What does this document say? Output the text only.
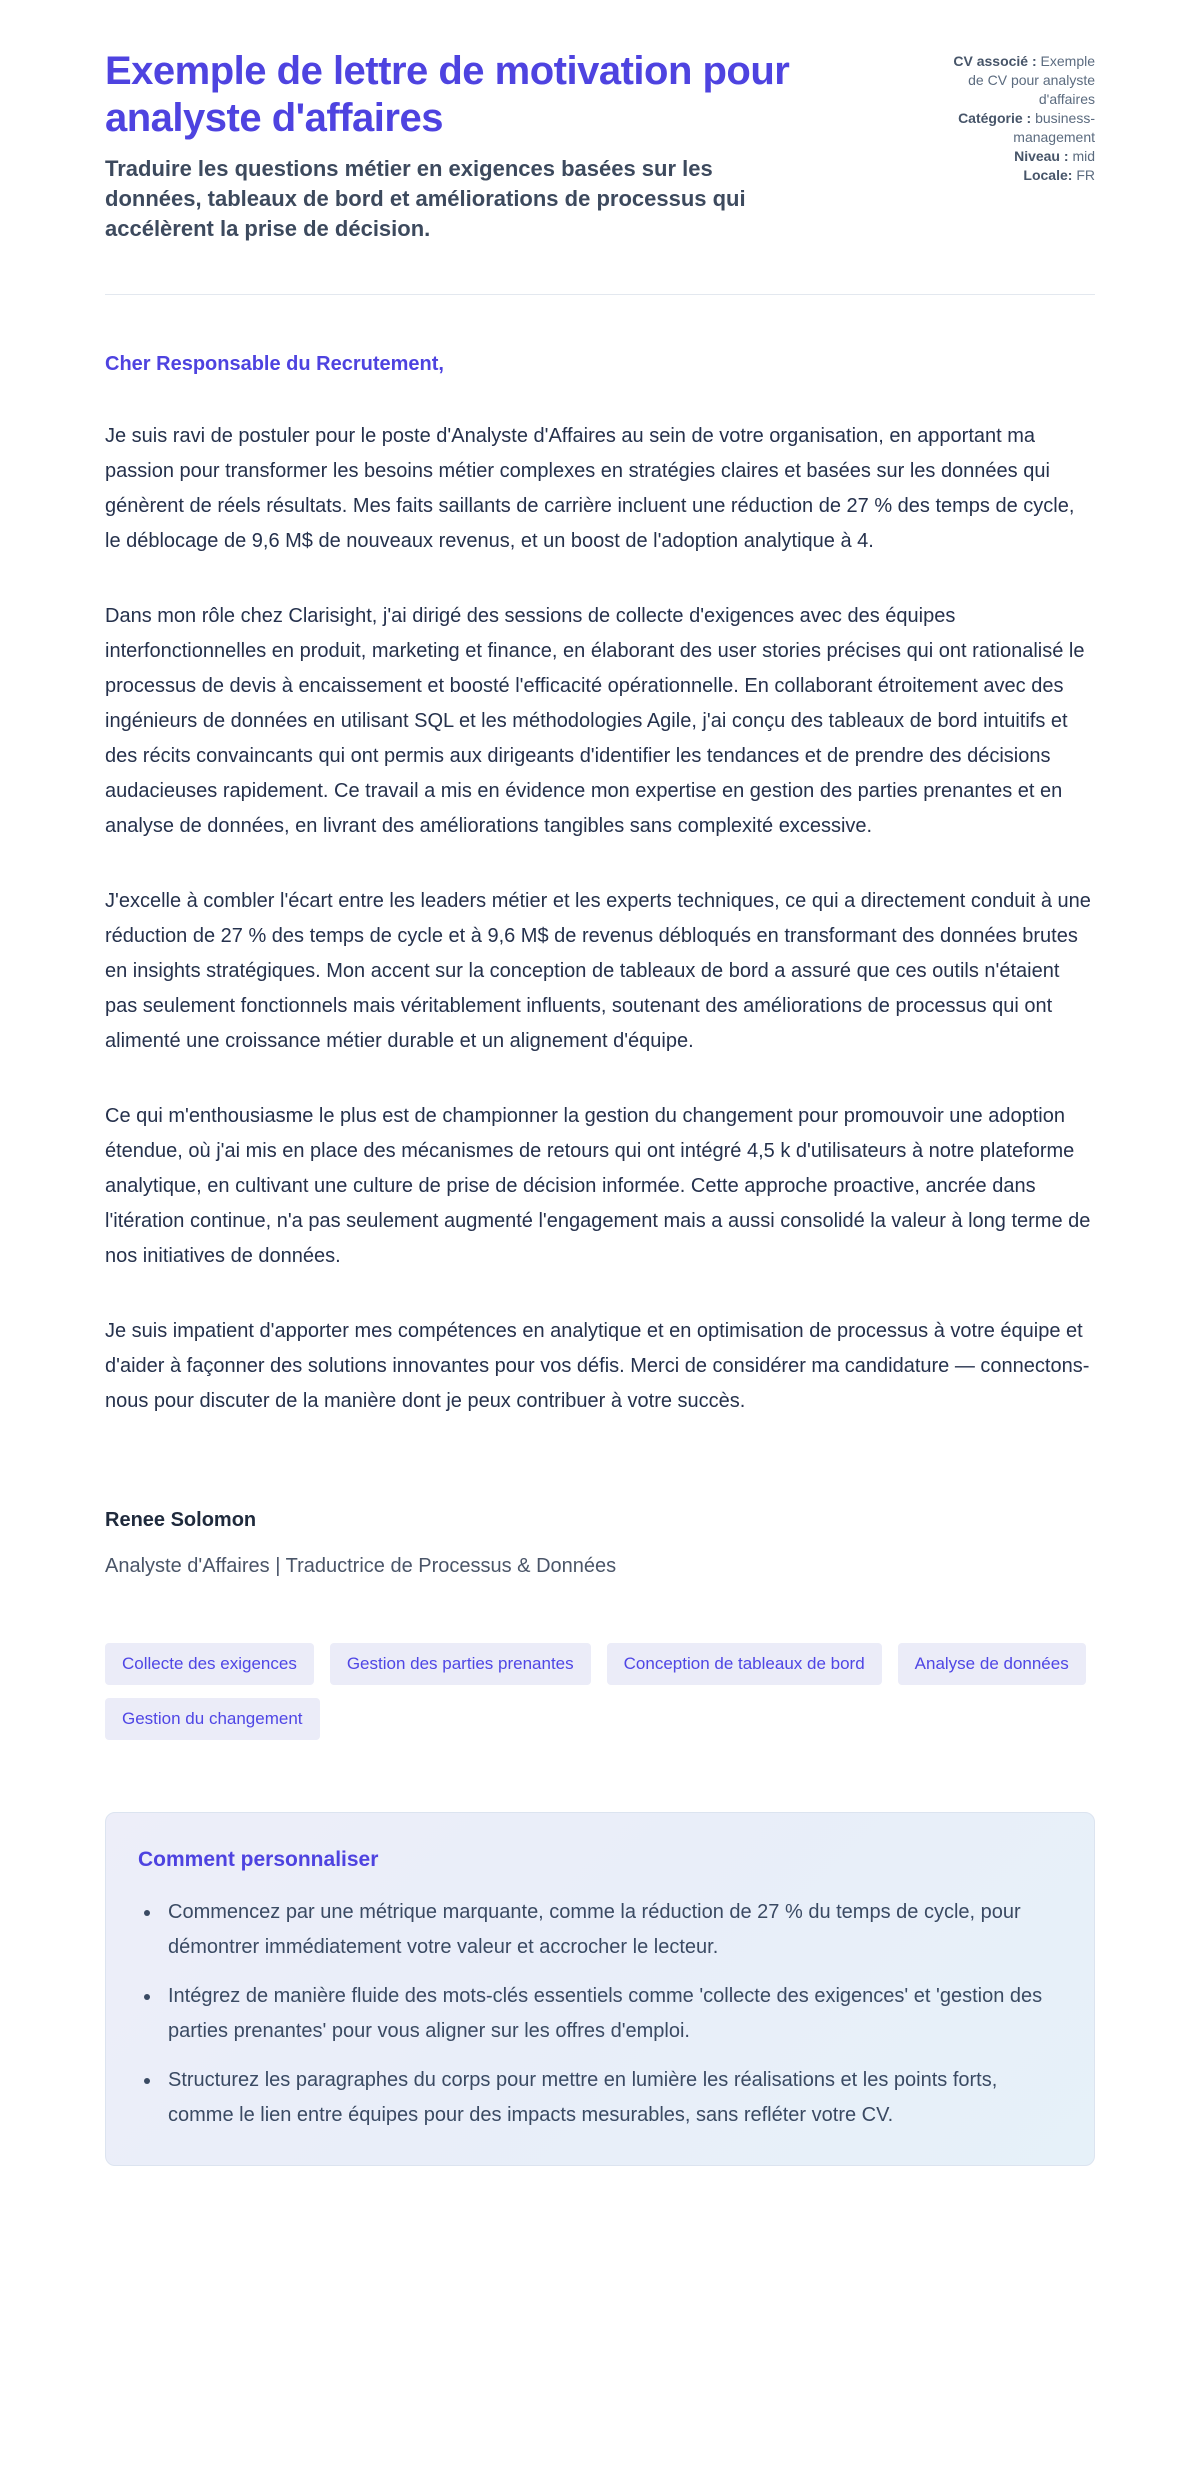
Exemple de lettre de motivation pour analyste d'affaires

Traduire les questions métier en exigences basées sur les données, tableaux de bord et améliorations de processus qui accélèrent la prise de décision.

CV associé : Exemple de CV pour analyste d'affaires

Catégorie : business-management

Niveau : mid

Locale: FR

Cher Responsable du Recrutement,

Je suis ravi de postuler pour le poste d'Analyste d'Affaires au sein de votre organisation, en apportant ma passion pour transformer les besoins métier complexes en stratégies claires et basées sur les données qui génèrent de réels résultats. Mes faits saillants de carrière incluent une réduction de 27 % des temps de cycle, le déblocage de 9,6 M$ de nouveaux revenus, et un boost de l'adoption analytique à 4.

Dans mon rôle chez Clarisight, j'ai dirigé des sessions de collecte d'exigences avec des équipes interfonctionnelles en produit, marketing et finance, en élaborant des user stories précises qui ont rationalisé le processus de devis à encaissement et boosté l'efficacité opérationnelle. En collaborant étroitement avec des ingénieurs de données en utilisant SQL et les méthodologies Agile, j'ai conçu des tableaux de bord intuitifs et des récits convaincants qui ont permis aux dirigeants d'identifier les tendances et de prendre des décisions audacieuses rapidement. Ce travail a mis en évidence mon expertise en gestion des parties prenantes et en analyse de données, en livrant des améliorations tangibles sans complexité excessive.

J'excelle à combler l'écart entre les leaders métier et les experts techniques, ce qui a directement conduit à une réduction de 27 % des temps de cycle et à 9,6 M$ de revenus débloqués en transformant des données brutes en insights stratégiques. Mon accent sur la conception de tableaux de bord a assuré que ces outils n'étaient pas seulement fonctionnels mais véritablement influents, soutenant des améliorations de processus qui ont alimenté une croissance métier durable et un alignement d'équipe.

Ce qui m'enthousiasme le plus est de championner la gestion du changement pour promouvoir une adoption étendue, où j'ai mis en place des mécanismes de retours qui ont intégré 4,5 k d'utilisateurs à notre plateforme analytique, en cultivant une culture de prise de décision informée. Cette approche proactive, ancrée dans l'itération continue, n'a pas seulement augmenté l'engagement mais a aussi consolidé la valeur à long terme de nos initiatives de données.

Je suis impatient d'apporter mes compétences en analytique et en optimisation de processus à votre équipe et d'aider à façonner des solutions innovantes pour vos défis. Merci de considérer ma candidature — connectons-nous pour discuter de la manière dont je peux contribuer à votre succès.

Renee Solomon

Analyste d'Affaires | Traductrice de Processus & Données

Collecte des exigences	Gestion des parties prenantes	Conception de tableaux de bord	Analyse de données
Gestion du changement
Comment personnaliser
• Commencez par une métrique marquante, comme la réduction de 27 % du temps de cycle, pour démontrer immédiatement votre valeur et accrocher le lecteur.
• Intégrez de manière fluide des mots-clés essentiels comme 'collecte des exigences' et 'gestion des parties prenantes' pour vous aligner sur les offres d'emploi.
• Structurez les paragraphes du corps pour mettre en lumière les réalisations et les points forts, comme le lien entre équipes pour des impacts mesurables, sans refléter votre CV.
